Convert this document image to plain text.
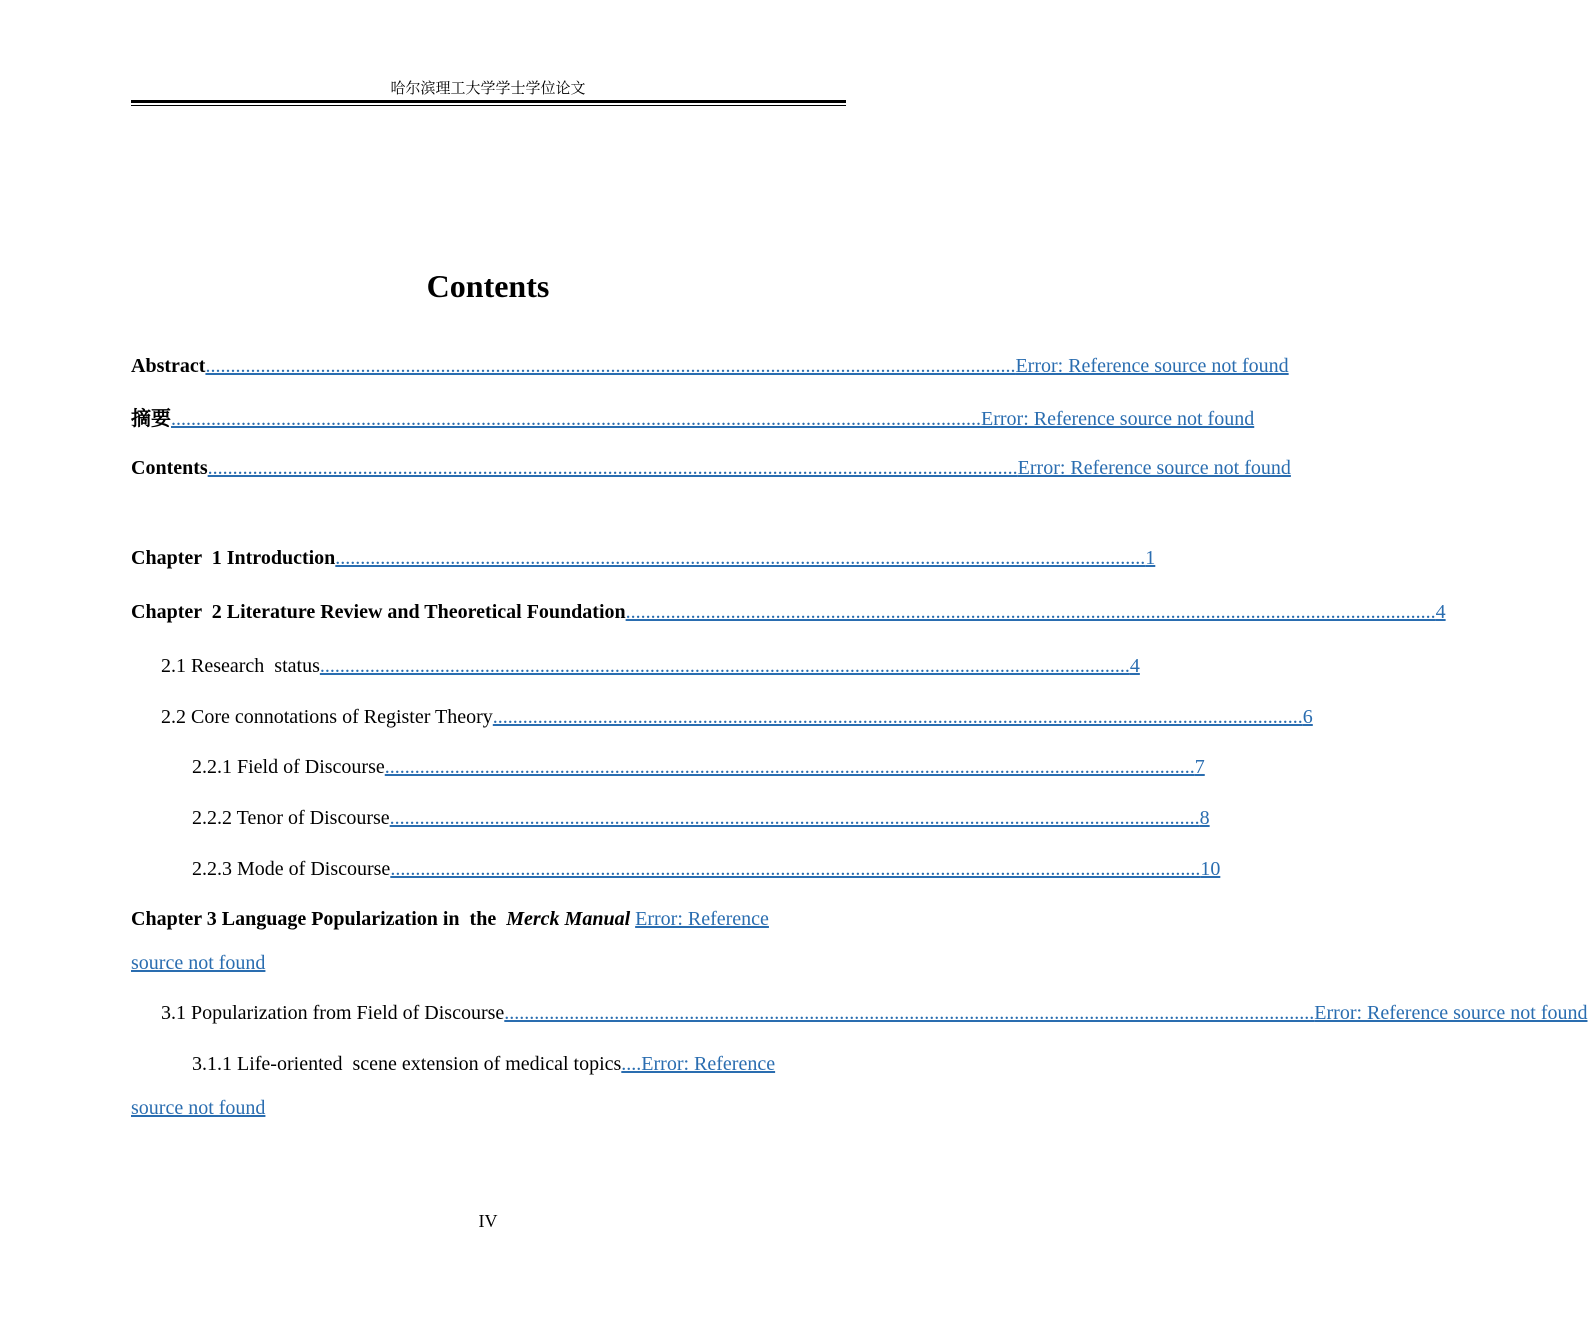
哈尔滨理工大学学士学位论文
Contents
Abstract .................................................................................................................................................................. Error: Reference source not found
摘要 .................................................................................................................................................................. Error: Reference source not found
Contents .................................................................................................................................................................. Error: Reference source not found
Chapter  1 Introduction .................................................................................................................................................................. 1
Chapter  2 Literature Review and Theoretical Foundation .................................................................................................................................................................. 4
2.1 Research  status .................................................................................................................................................................. 4
2.2 Core connotations of Register Theory .................................................................................................................................................................. 6
2.2.1 Field of Discourse .................................................................................................................................................................. 7
2.2.2 Tenor of Discourse .................................................................................................................................................................. 8
2.2.3 Mode of Discourse .................................................................................................................................................................. 10
Chapter 3 Language Popularization in  the  Merck Manual Error: Reference
source not found
3.1 Popularization from Field of Discourse .................................................................................................................................................................. Error: Reference source not found
3.1.1 Life-oriented  scene extension of medical topics....Error: Reference
source not found
IV
